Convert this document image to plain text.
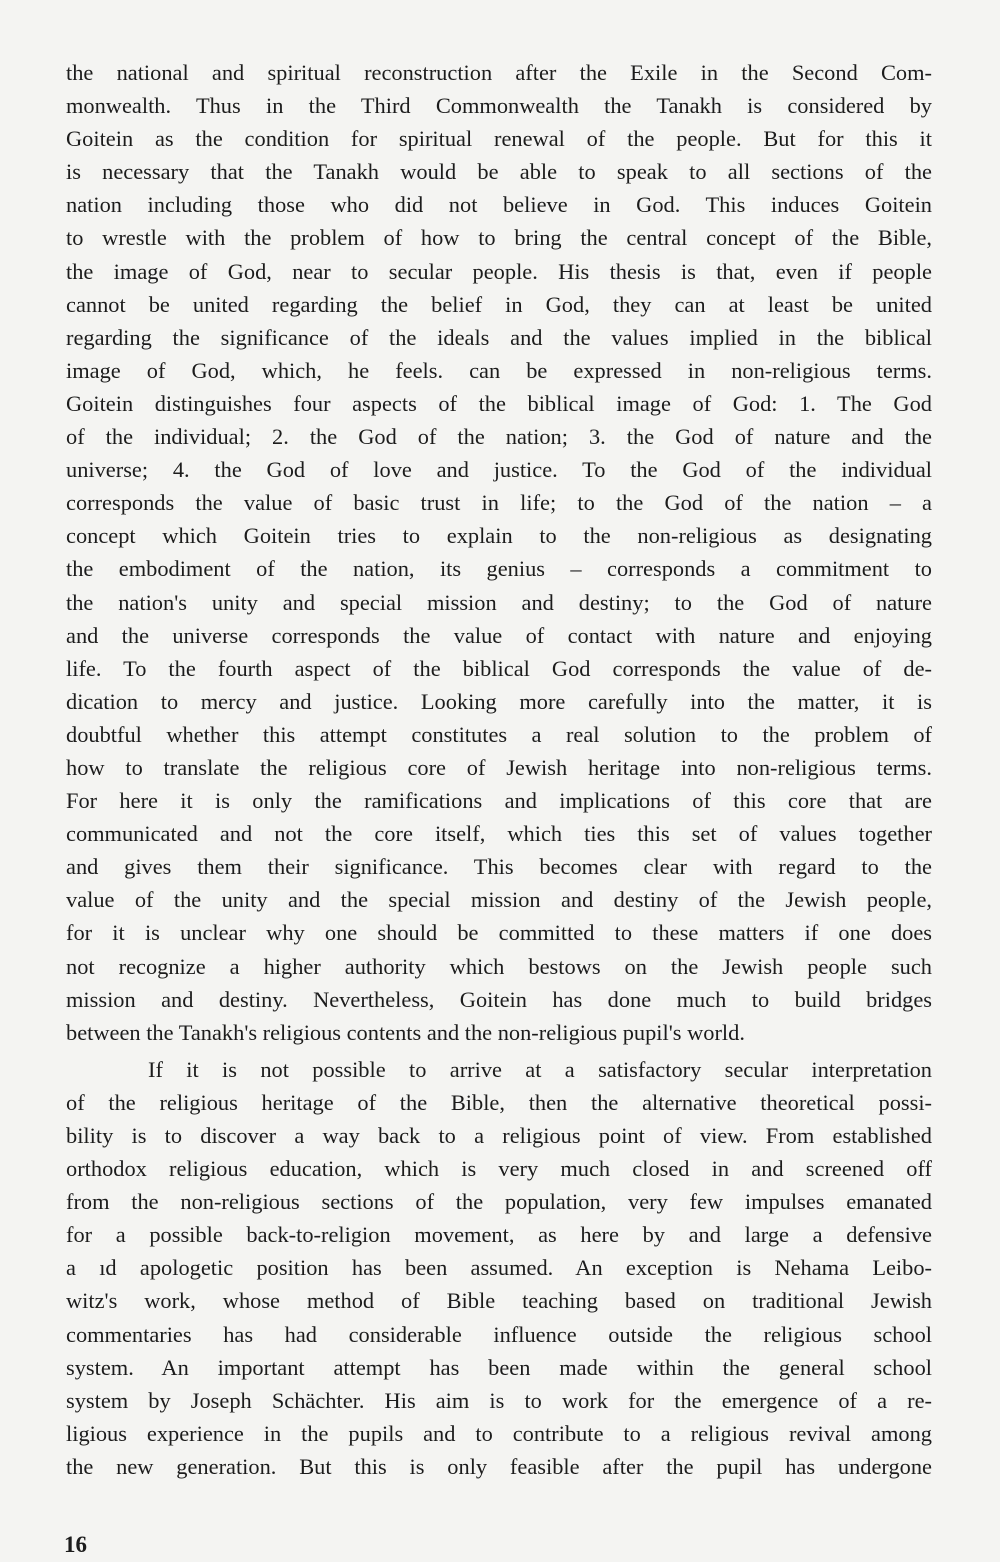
the national and spiritual reconstruction after the Exile in the Second Com-
monwealth. Thus in the Third Commonwealth the Tanakh is considered by
Goitein as the condition for spiritual renewal of the people. But for this it
is necessary that the Tanakh would be able to speak to all sections of the
nation including those who did not believe in God. This induces Goitein
to wrestle with the problem of how to bring the central concept of the Bible,
the image of God, near to secular people. His thesis is that, even if people
cannot be united regarding the belief in God, they can at least be united
regarding the significance of the ideals and the values implied in the biblical
image of God, which, he feels. can be expressed in non-religious terms.
Goitein distinguishes four aspects of the biblical image of God: 1. The God
of the individual; 2. the God of the nation; 3. the God of nature and the
universe; 4. the God of love and justice. To the God of the individual
corresponds the value of basic trust in life; to the God of the nation – a
concept which Goitein tries to explain to the non-religious as designating
the embodiment of the nation, its genius – corresponds a commitment to
the nation's unity and special mission and destiny; to the God of nature
and the universe corresponds the value of contact with nature and enjoying
life. To the fourth aspect of the biblical God corresponds the value of de-
dication to mercy and justice. Looking more carefully into the matter, it is
doubtful whether this attempt constitutes a real solution to the problem of
how to translate the religious core of Jewish heritage into non-religious terms.
For here it is only the ramifications and implications of this core that are
communicated and not the core itself, which ties this set of values together
and gives them their significance. This becomes clear with regard to the
value of the unity and the special mission and destiny of the Jewish people,
for it is unclear why one should be committed to these matters if one does
not recognize a higher authority which bestows on the Jewish people such
mission and destiny. Nevertheless, Goitein has done much to build bridges
between the Tanakh's religious contents and the non-religious pupil's world.
If it is not possible to arrive at a satisfactory secular interpretation
of the religious heritage of the Bible, then the alternative theoretical possi-
bility is to discover a way back to a religious point of view. From established
orthodox religious education, which is very much closed in and screened off
from the non-religious sections of the population, very few impulses emanated
for a possible back-to-religion movement, as here by and large a defensive
a ıd apologetic position has been assumed. An exception is Nehama Leibo-
witz's work, whose method of Bible teaching based on traditional Jewish
commentaries has had considerable influence outside the religious school
system. An important attempt has been made within the general school
system by Joseph Schächter. His aim is to work for the emergence of a re-
ligious experience in the pupils and to contribute to a religious revival among
the new generation. But this is only feasible after the pupil has undergone
16
